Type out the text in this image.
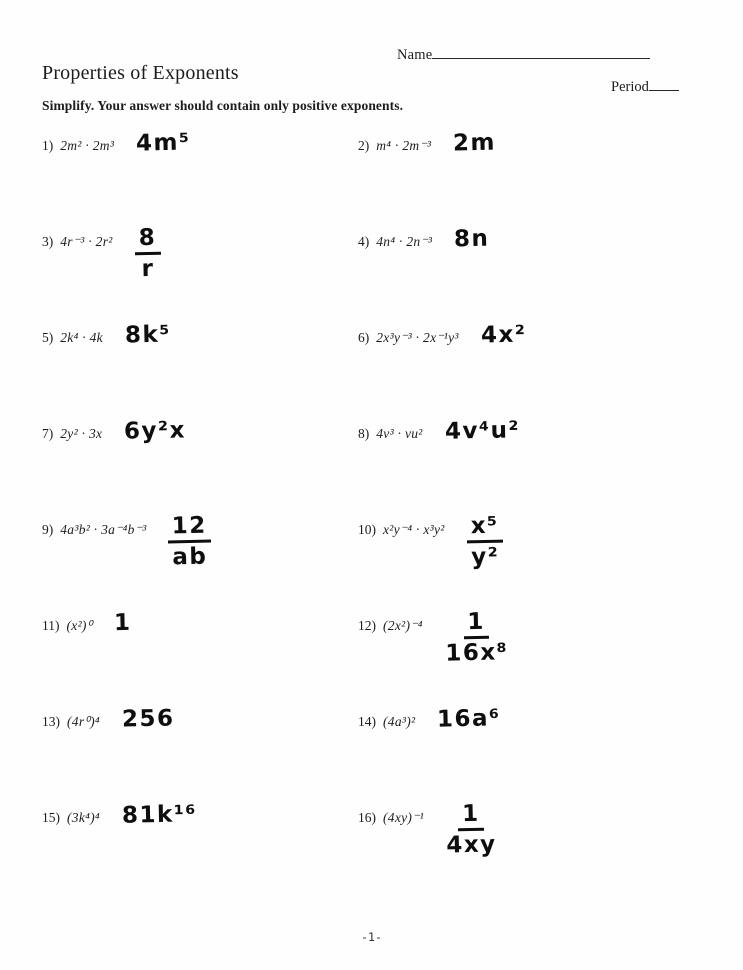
Name
Properties of Exponents
Period
Simplify. Your answer should contain only positive exponents.
1) 2m² · 2m³ 4m⁵	2) m⁴ · 2m⁻³ 2m
3) $4r^{-3} \cdot 2r^2 \frac{8}{r}$	4) 4n⁴ · 2n⁻³ 8n
5) 2k⁴ · 4k 8k⁵	6) 2x³y⁻³ · 2x⁻¹y³ 4x²
7) 2y² · 3x 6y²x	8) 4v³ · vu² 4v⁴u²
9) $4a^3b^2 \cdot 3a^{-4}b^{-3} \frac{12}{ab}$	10) $x^2y^{-4} \cdot x^3y^2 \frac{\text{x⁵}}{\text{y²}}$
11) (x²)⁰ 1	12) $(2x^2)^{-4} \frac{1}{\text{16x⁸}}$
13) (4r⁰)⁴ 256	14) (4a³)² 16a⁶
15) (3k⁴)⁴ 81k¹⁶	16) $(4xy)^{-1} \frac{1}{4xy}$
-1-
